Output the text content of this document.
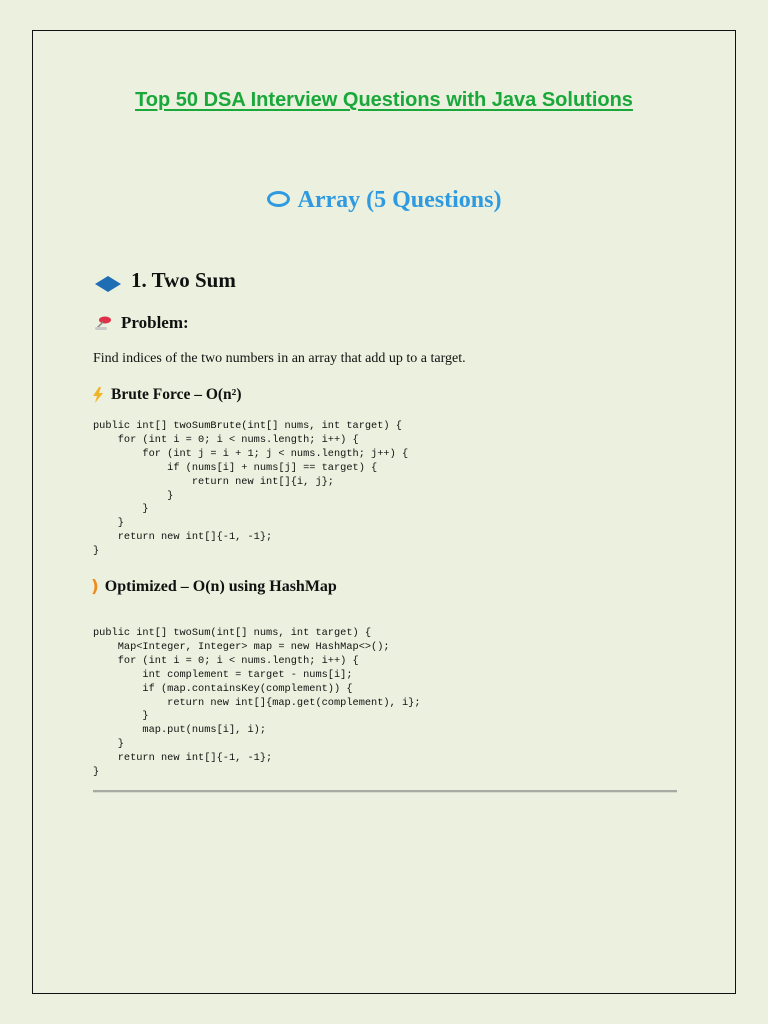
Top 50 DSA Interview Questions with Java Solutions
Array (5 Questions)
1. Two Sum
Problem:

Find indices of the two numbers in an array that add up to a target.

Brute Force – O(n²)
public int[] twoSumBrute(int[] nums, int target) {
for (int i = 0; i < nums.length; i++) {
for (int j = i + 1; j < nums.length; j++) {
if (nums[i] + nums[j] == target) {
return new int[]{i, j};
}
}
}
return new int[]{-1, -1};
}
) Optimized – O(n) using HashMap
public int[] twoSum(int[] nums, int target) {
Map<Integer, Integer> map = new HashMap<>();
for (int i = 0; i < nums.length; i++) {
int complement = target - nums[i];
if (map.containsKey(complement)) {
return new int[]{map.get(complement), i};
}
map.put(nums[i], i);
}
return new int[]{-1, -1};
}
